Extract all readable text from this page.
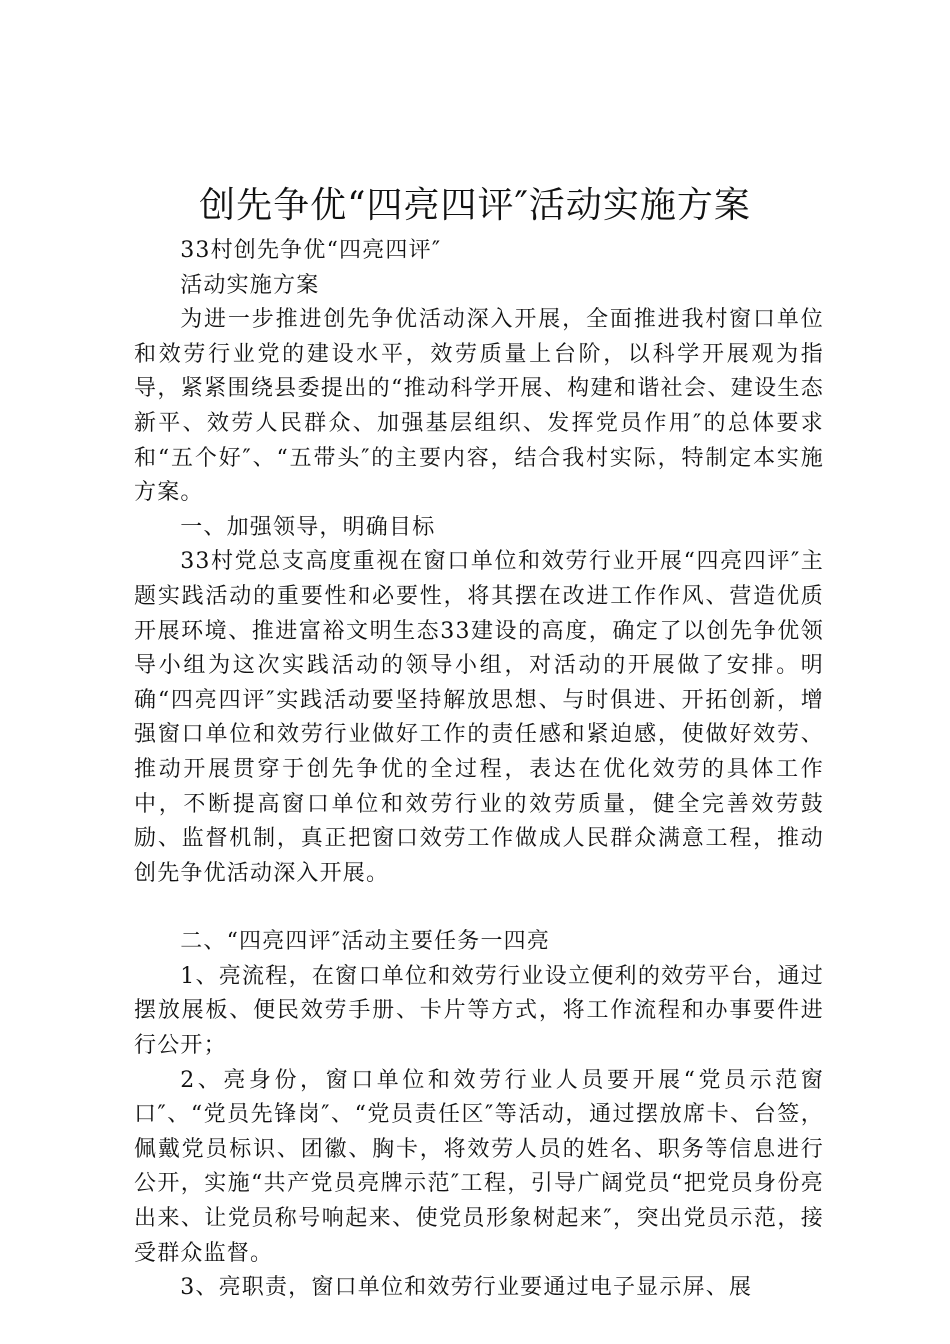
创先争优“四亮四评″活动实施方案

33村创先争优“四亮四评″

活动实施方案

为进一步推进创先争优活动深入开展，全面推进我村窗口单位和效劳行业党的建设水平，效劳质量上台阶，以科学开展观为指导，紧紧围绕县委提出的“推动科学开展、构建和谐社会、建设生态新平、效劳人民群众、加强基层组织、发挥党员作用″的总体要求和“五个好″、“五带头″的主要内容，结合我村实际，特制定本实施方案。

一、加强领导，明确目标

33村党总支高度重视在窗口单位和效劳行业开展“四亮四评″主题实践活动的重要性和必要性，将其摆在改进工作作风、营造优质开展环境、推进富裕文明生态33建设的高度，确定了以创先争优领导小组为这次实践活动的领导小组，对活动的开展做了安排。明确“四亮四评″实践活动要坚持解放思想、与时俱进、开拓创新，增强窗口单位和效劳行业做好工作的责任感和紧迫感，使做好效劳、推动开展贯穿于创先争优的全过程，表达在优化效劳的具体工作中，不断提高窗口单位和效劳行业的效劳质量，健全完善效劳鼓励、监督机制，真正把窗口效劳工作做成人民群众满意工程，推动创先争优活动深入开展。

二、“四亮四评″活动主要任务一四亮

1、亮流程，在窗口单位和效劳行业设立便利的效劳平台，通过摆放展板、便民效劳手册、卡片等方式，将工作流程和办事要件进行公开；

2、亮身份，窗口单位和效劳行业人员要开展“党员示范窗口″、“党员先锋岗″、“党员责任区″等活动，通过摆放席卡、台签，佩戴党员标识、团徽、胸卡，将效劳人员的姓名、职务等信息进行公开，实施“共产党员亮牌示范″工程，引导广阔党员“把党员身份亮出来、让党员称号响起来、使党员形象树起来″，突出党员示范，接受群众监督。

3、亮职责，窗口单位和效劳行业要通过电子显示屏、展
